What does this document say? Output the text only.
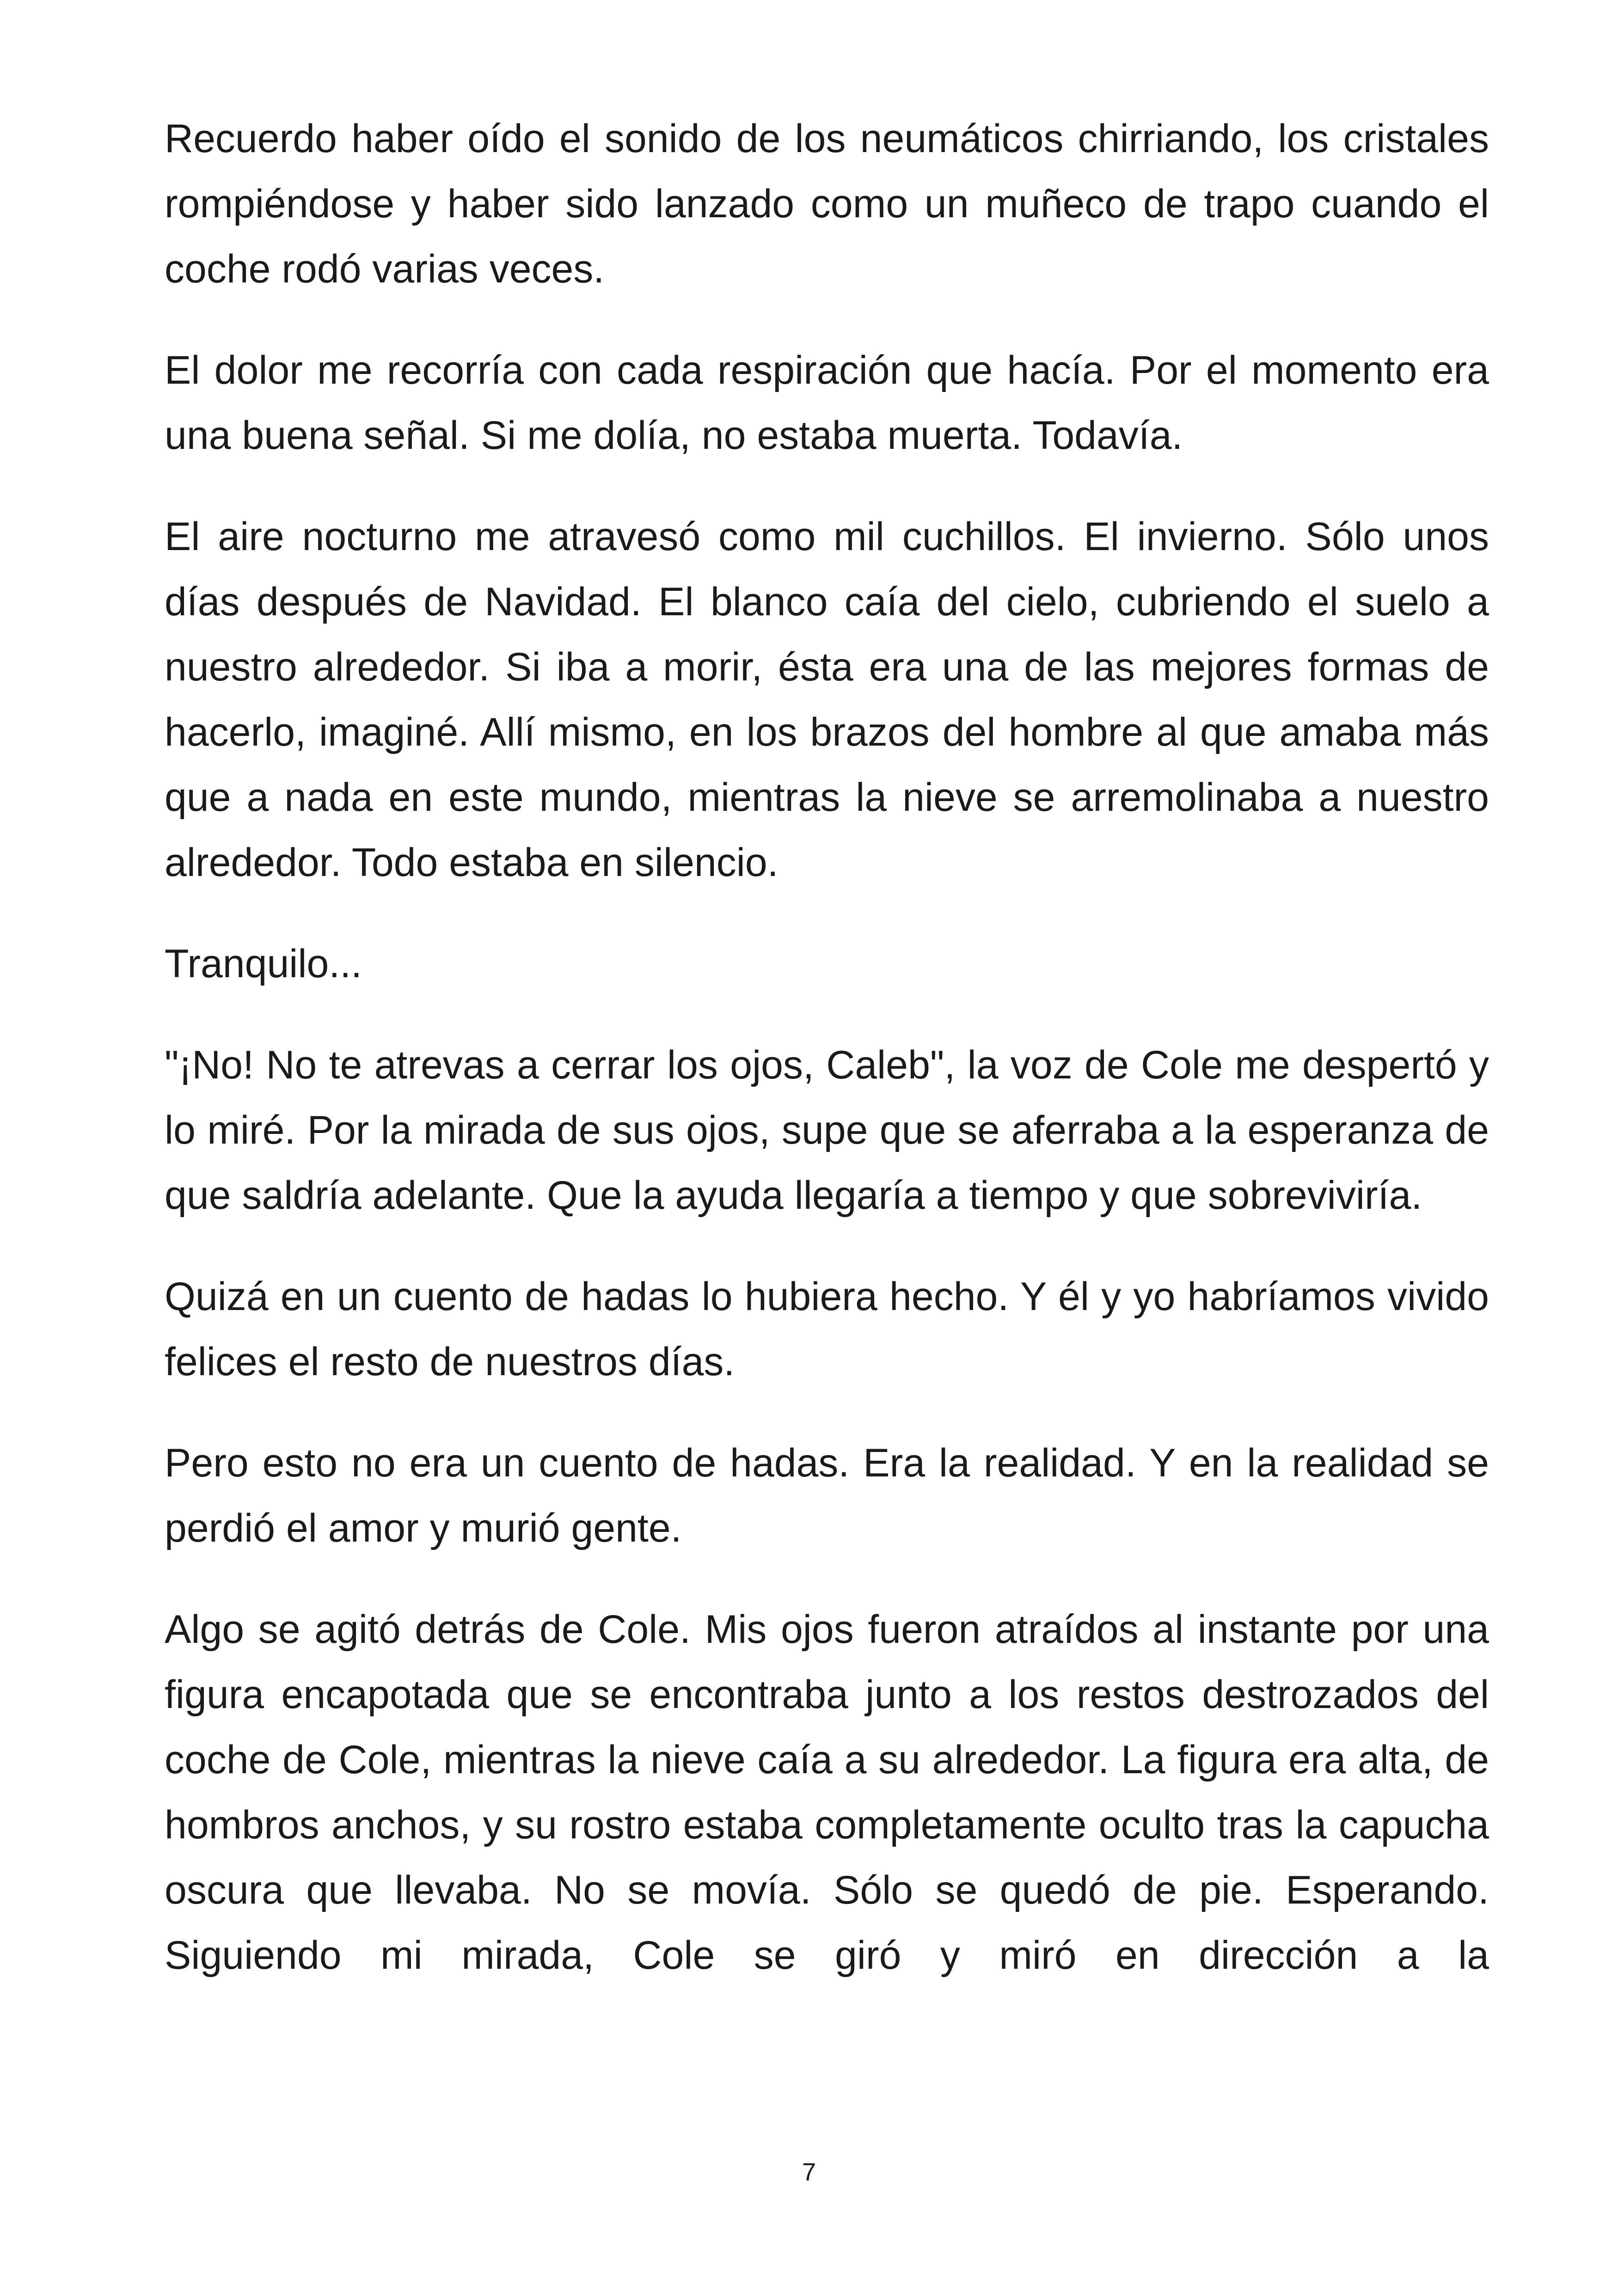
Recuerdo haber oído el sonido de los neumáticos chirriando, los cristales rompiéndose y haber sido lanzado como un muñeco de trapo cuando el coche rodó varias veces.

El dolor me recorría con cada respiración que hacía. Por el momento era una buena señal. Si me dolía, no estaba muerta. Todavía.

El aire nocturno me atravesó como mil cuchillos. El invierno. Sólo unos días después de Navidad. El blanco caía del cielo, cubriendo el suelo a nuestro alrededor. Si iba a morir, ésta era una de las mejores formas de hacerlo, imaginé. Allí mismo, en los brazos del hombre al que amaba más que a nada en este mundo, mientras la nieve se arremolinaba a nuestro alrededor. Todo estaba en silencio.

Tranquilo...

"¡No! No te atrevas a cerrar los ojos, Caleb", la voz de Cole me despertó y lo miré. Por la mirada de sus ojos, supe que se aferraba a la esperanza de que saldría adelante. Que la ayuda llegaría a tiempo y que sobreviviría.

Quizá en un cuento de hadas lo hubiera hecho. Y él y yo habríamos vivido felices el resto de nuestros días.

Pero esto no era un cuento de hadas. Era la realidad. Y en la realidad se perdió el amor y murió gente.

Algo se agitó detrás de Cole. Mis ojos fueron atraídos al instante por una figura encapotada que se encontraba junto a los restos destrozados del coche de Cole, mientras la nieve caía a su alrededor. La figura era alta, de hombros anchos, y su rostro estaba completamente oculto tras la capucha oscura que llevaba. No se movía. Sólo se quedó de pie. Esperando. Siguiendo mi mirada, Cole se giró y miró en dirección a la

7
